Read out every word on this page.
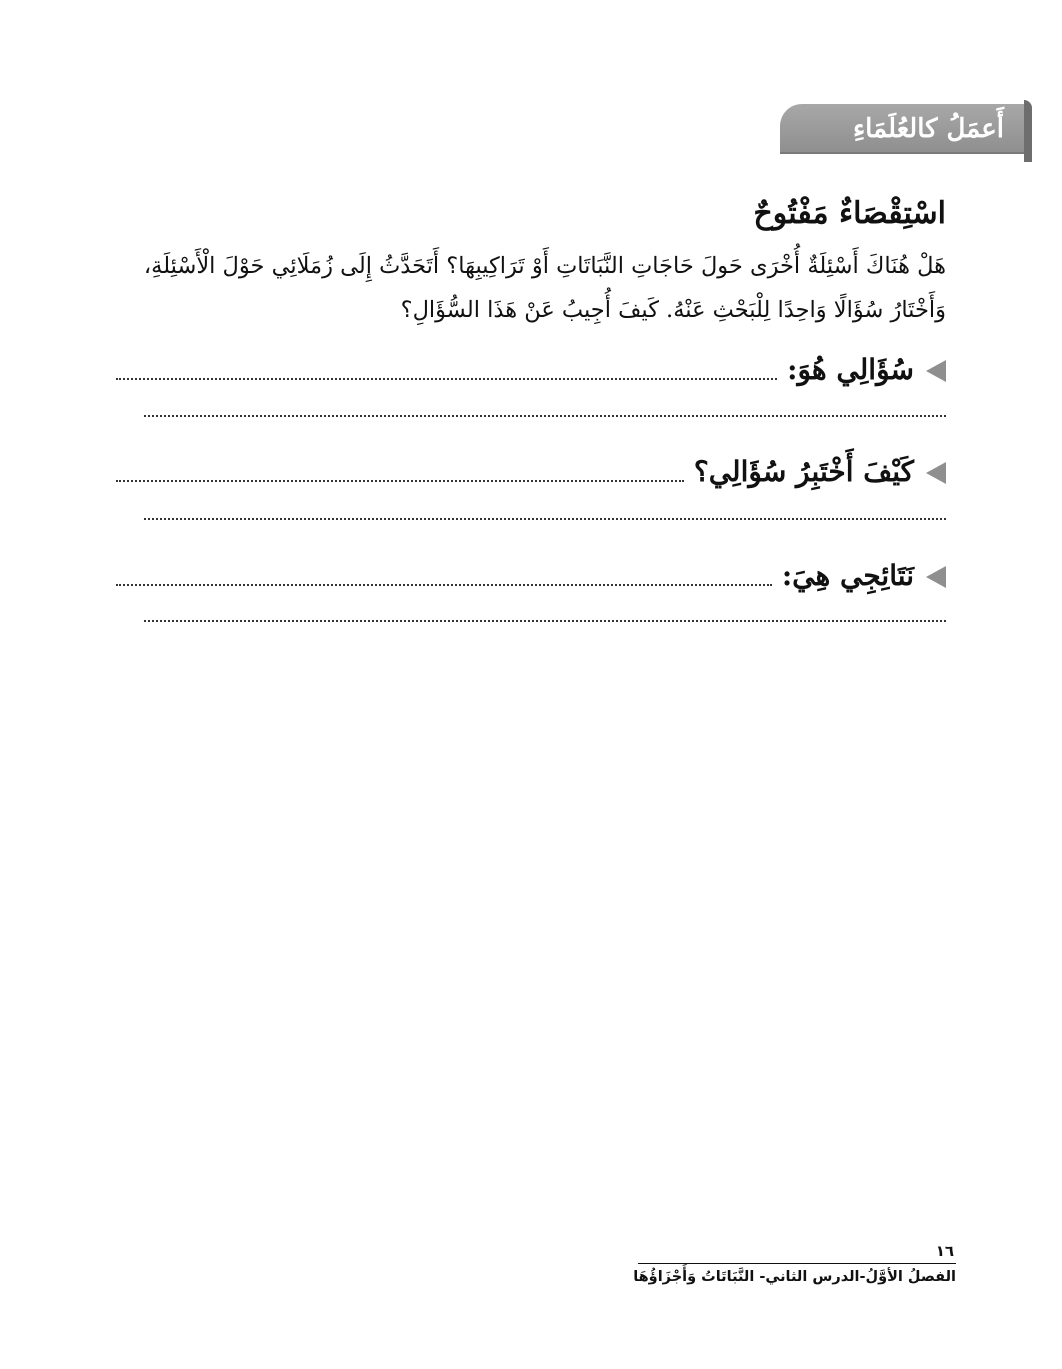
أَعمَلُ كالعُلَمَاءِ
اسْتِقْصَاءٌ مَفْتُوحٌ

هَلْ هُنَاكَ أَسْئِلَةٌ أُخْرَى حَولَ حَاجَاتِ النَّبَاتَاتِ أَوْ تَرَاكِيبِهَا؟ أَتَحَدَّثُ إِلَى زُمَلَائِي حَوْلَ الْأَسْئِلَةِ،
وَأَخْتَارُ سُؤَالًا وَاحِدًا لِلْبَحْثِ عَنْهُ. كَيفَ أُجِيبُ عَنْ هَذَا السُّؤَالِ؟

سُؤَالِي هُوَ:
كَيْفَ أَخْتَبِرُ سُؤَالِي؟
نَتَائِجِي هِيَ:

١٦

الفصلُ الأوَّلُ-الدرس الثاني- النَّبَاتَاتُ وَأَجْزَاؤُهَا
